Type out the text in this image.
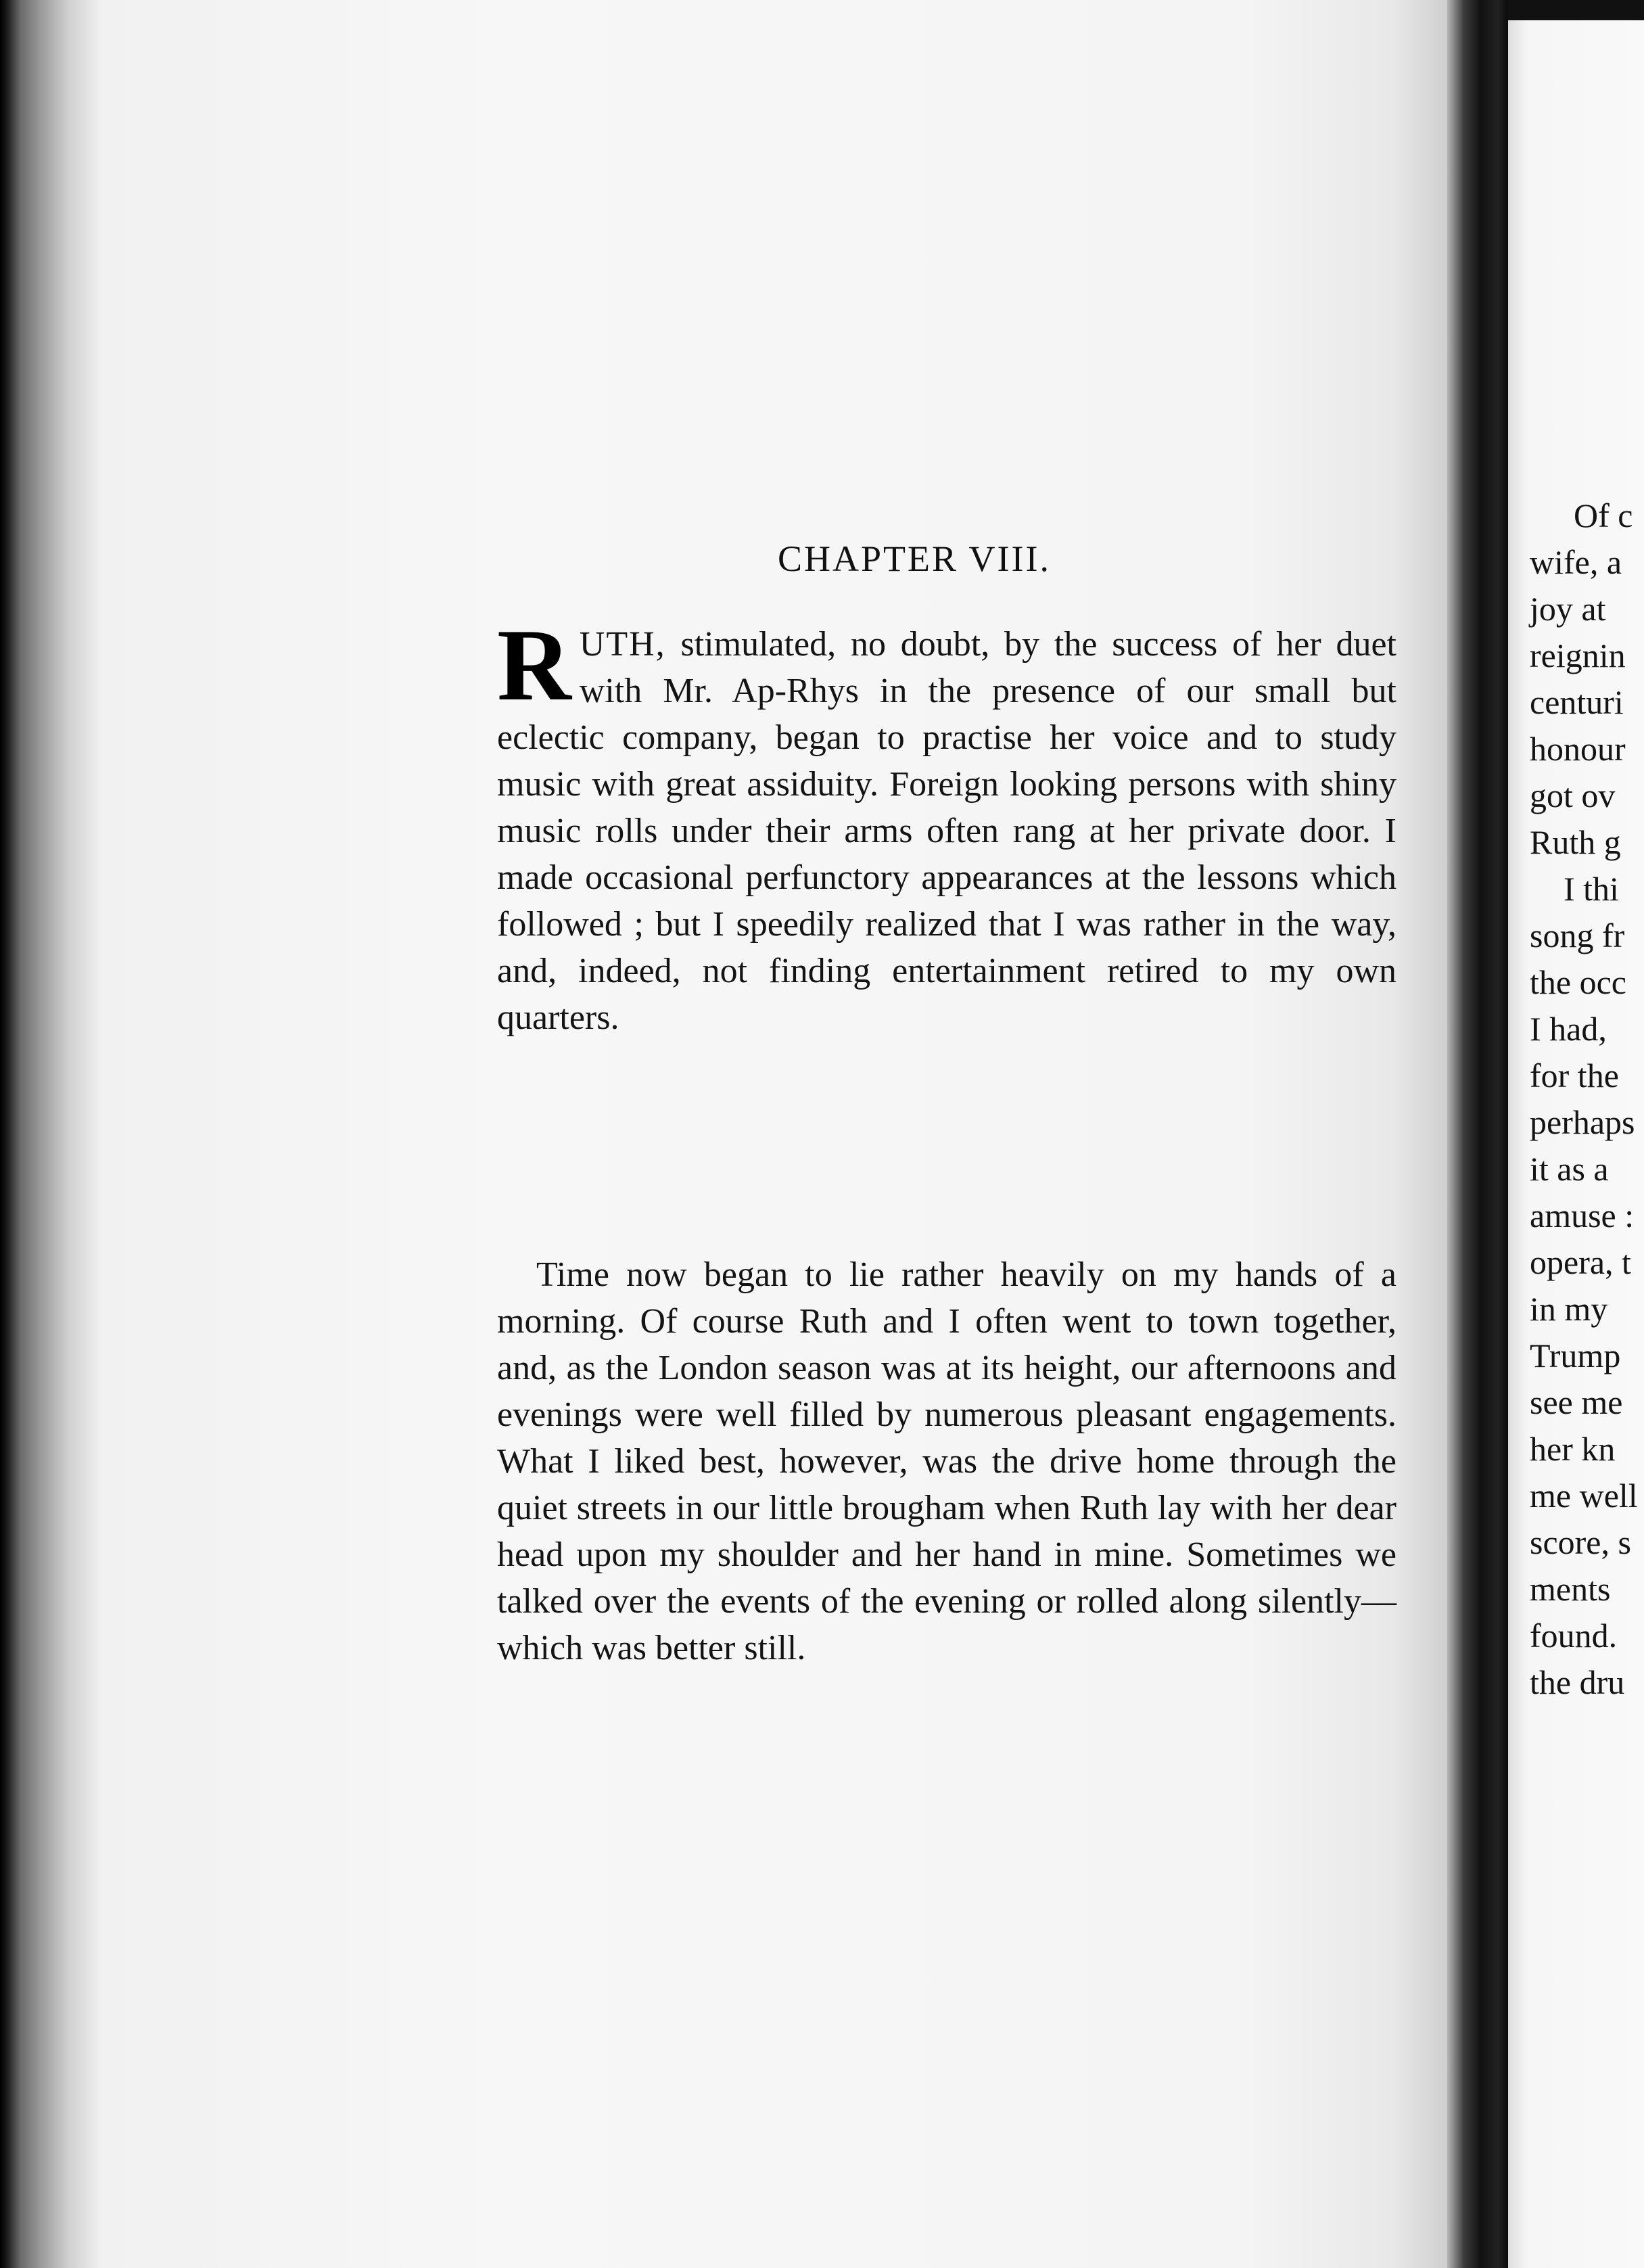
CHAPTER VIII.
RUTH, stimulated, no doubt, by the success of her duet with Mr. Ap-Rhys in the presence of our small but eclectic company, began to practise her voice and to study music with great assiduity. Foreign looking persons with shiny music rolls under their arms often rang at her private door. I made occasional perfunctory appearances at the lessons which followed ; but I speedily realized that I was rather in the way, and, indeed, not finding entertainment retired to my own quarters.
Time now began to lie rather heavily on my hands of a morning. Of course Ruth and I often went to town together, and, as the London season was at its height, our afternoons and evenings were well filled by numerous pleasant engagements. What I liked best, however, was the drive home through the quiet streets in our little brougham when Ruth lay with her dear head upon my shoulder and her hand in mine. Sometimes we talked over the events of the evening or rolled along silently—which was better still.
Of c
wife, a
joy at
reignin
centuri
honour
got ov
Ruth g
I thi
song fr
the occ
I had,
for the
perhaps
it as a
amuse :
opera, t
in my
Trump
see me
her kn
me well
score, s
ments
found.
the dru
